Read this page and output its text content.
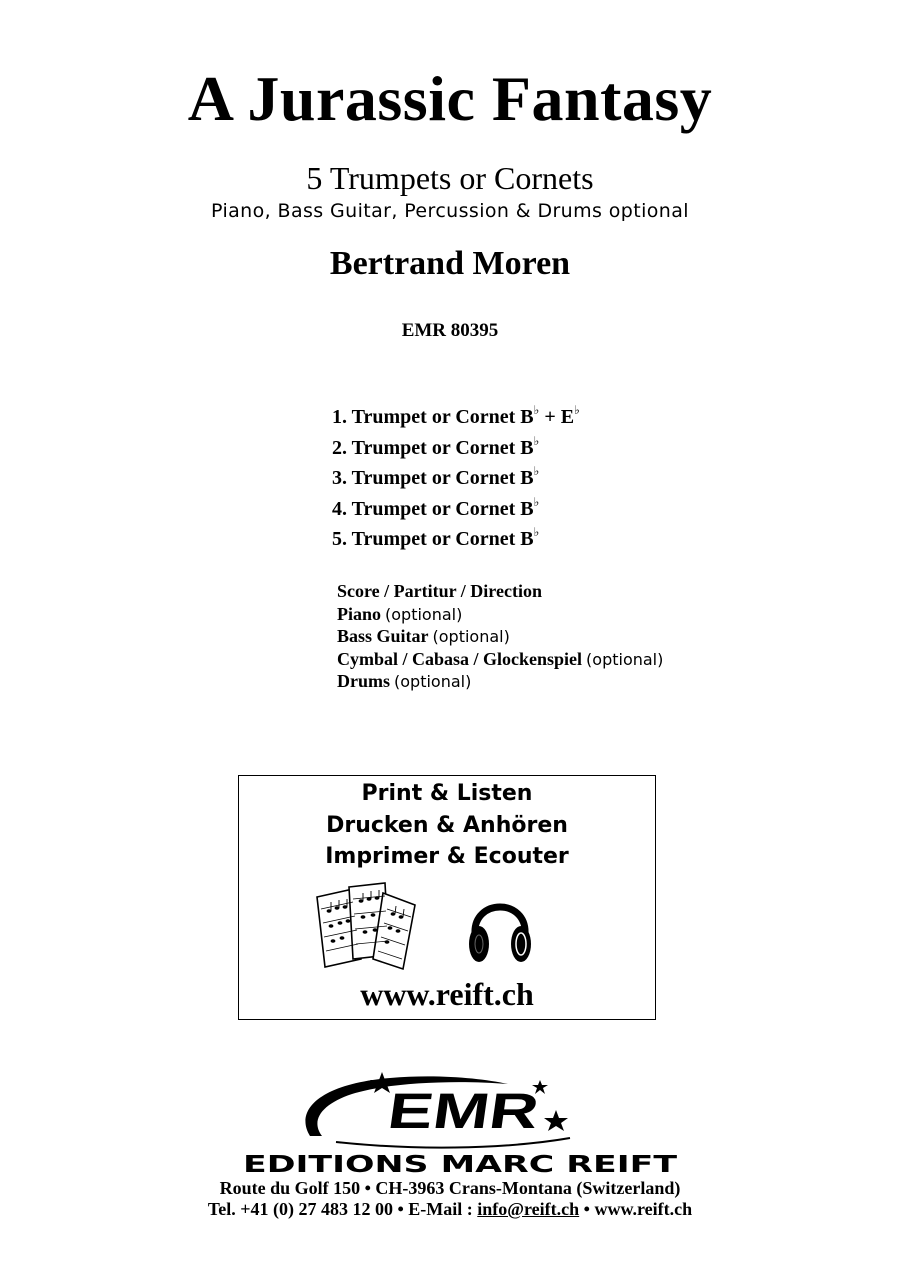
A Jurassic Fantasy
5 Trumpets or Cornets
Piano, Bass Guitar, Percussion & Drums optional
Bertrand Moren
EMR 80395
1. Trumpet or Cornet B♭ + E♭
2. Trumpet or Cornet B♭
3. Trumpet or Cornet B♭
4. Trumpet or Cornet B♭
5. Trumpet or Cornet B♭
Score / Partitur / Direction
Piano (optional)
Bass Guitar (optional)
Cymbal / Cabasa / Glockenspiel (optional)
Drums (optional)
Print & Listen
Drucken & Anhören
Imprimer & Ecouter
www.reift.ch
EMR
EDITIONS MARC REIFT
Route du Golf 150 • CH-3963 Crans-Montana (Switzerland)
Tel. +41 (0) 27 483 12 00 • E-Mail : info@reift.ch • www.reift.ch
